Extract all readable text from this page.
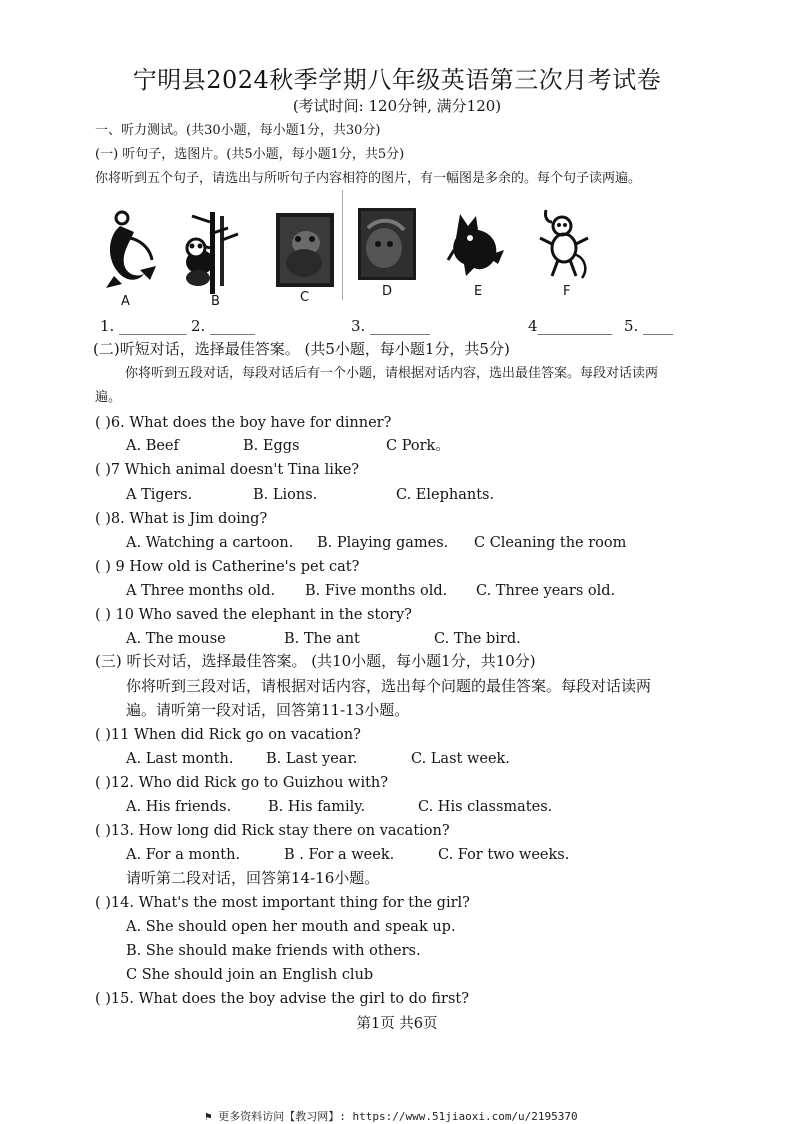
宁明县2024秋季学期八年级英语第三次月考试卷
(考试时间: 120分钟, 满分120)
一、听力测试。(共30小题，每小题1分，共30分)
(一) 听句子，选图片。(共5小题，每小题1分，共5分)
你将听到五个句子，请选出与所听句子内容相符的图片，有一幅图是多余的。每个句子读两遍。
A	B	C	D	E	F
1. _________ 2. ______	3. ________	4__________ 5. ____
(二)听短对话，选择最佳答案。 (共5小题，每小题1分，共5分)
你将听到五段对话，每段对话后有一个小题，请根据对话内容，选出最佳答案。每段对话读两
遍。
( )6. What does the boy have for dinner?
A. Beef	B. Eggs	C Pork。
( )7 Which animal doesn't Tina like?
A Tigers.	B. Lions.	C. Elephants.
( )8. What is Jim doing?
A. Watching a cartoon. B. Playing games. C Cleaning the room
( ) 9 How old is Catherine's pet cat?
A Three months old. B. Five months old. C. Three years old.
( ) 10 Who saved the elephant in the story?
A. The mouse	B. The ant	C. The bird.
(三) 听长对话，选择最佳答案。 (共10小题，每小题1分，共10分)
你将听到三段对话，请根据对话内容，选出每个问题的最佳答案。每段对话读两
遍。请听第一段对话，回答第11-13小题。
( )11 When did Rick go on vacation?
A. Last month. B. Last year.	C. Last week.
( )12. Who did Rick go to Guizhou with?
A. His friends.	B. His family.	C. His classmates.
( )13. How long did Rick stay there on vacation?
A. For a month.	B . For a week.	C. For two weeks.
请听第二段对话，回答第14-16小题。
( )14. What's the most important thing for the girl?
A. She should open her mouth and speak up.
B. She should make friends with others.
C She should join an English club
( )15. What does the boy advise the girl to do first?
第1页 共6页
⚑ 更多资料访问【教习网】: https://www.51jiaoxi.com/u/2195370
